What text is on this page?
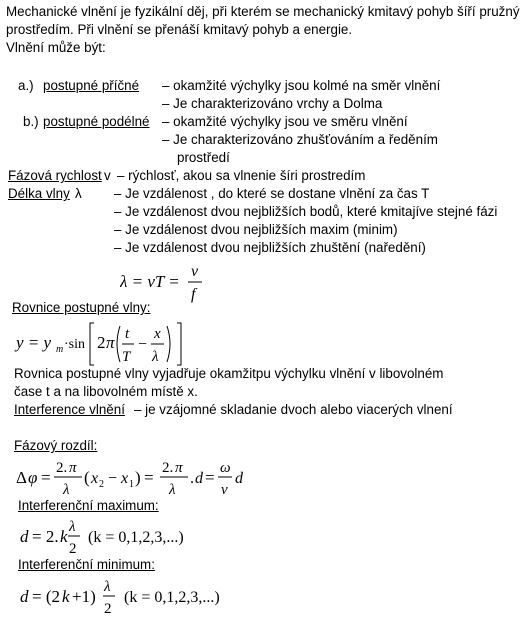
Mechanické vlnění je fyzikální děj, při kterém se mechanický kmitavý pohyb šíří pružný
prostředím. Při vlnění se přenáší kmitavý pohyb a energie.
Vlnění může být:
a.) postupné příčné – okamžité výchylky jsou kolmé na směr vlnění
– Je charakterizováno vrchy a Dolma
b.) postupné podélné – okamžité výchylky jsou ve směru vlnění
– Je charakterizováno zhušťováním a ředěním
prostředí
Fázová rychlost v – rýchlosť, akou sa vlnenie šíri prostredím
Délka vlny λ – Je vzdálenost , do které se dostane vlnění za čas T
– Je vzdálenost dvou nejbližších bodů, které kmitajíve stejné fázi
– Je vzdálenost dvou nejbližších maxim (minim)
– Je vzdálenost dvou nejbližších zhuštění (naředění)
λ = vT =
v
f
Rovnice postupné vlny:
y = y m ·sin 2 π t
T
−
x
λ
Rovnica postupné vlny vyjadřuje okamžitpu výchylku vlnění v libovolném
čase t a na libovolném místě x.
Interference vlnění – je vzájomné skladanie dvoch alebo viacerých vlnení
Fázový rozdíl:
Δ φ = 2. π
λ
( x 2 − x 1 ) = 2. π
λ
. d = ω
v
d
Interferenční maximum:
d = 2. k λ
2
(k = 0,1,2,3,...)
Interferenční minimum:
d = (2 k +1) λ
2
(k = 0,1,2,3,...)
